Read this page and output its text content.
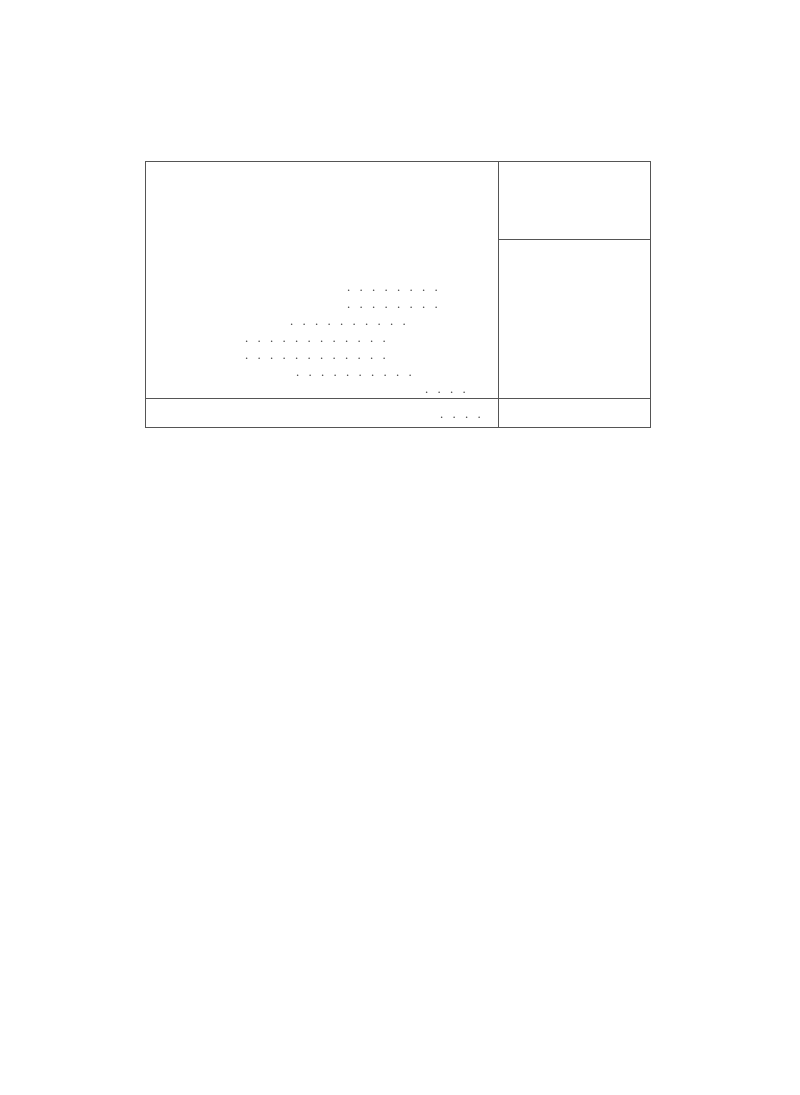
. . . . . . . .
. . . . . . . .
. . . . . . . . . .
. . . . . . . . . . . .
. . . . . . . . . . . .
. . . . . . . . . .
. . . .
. . . .
